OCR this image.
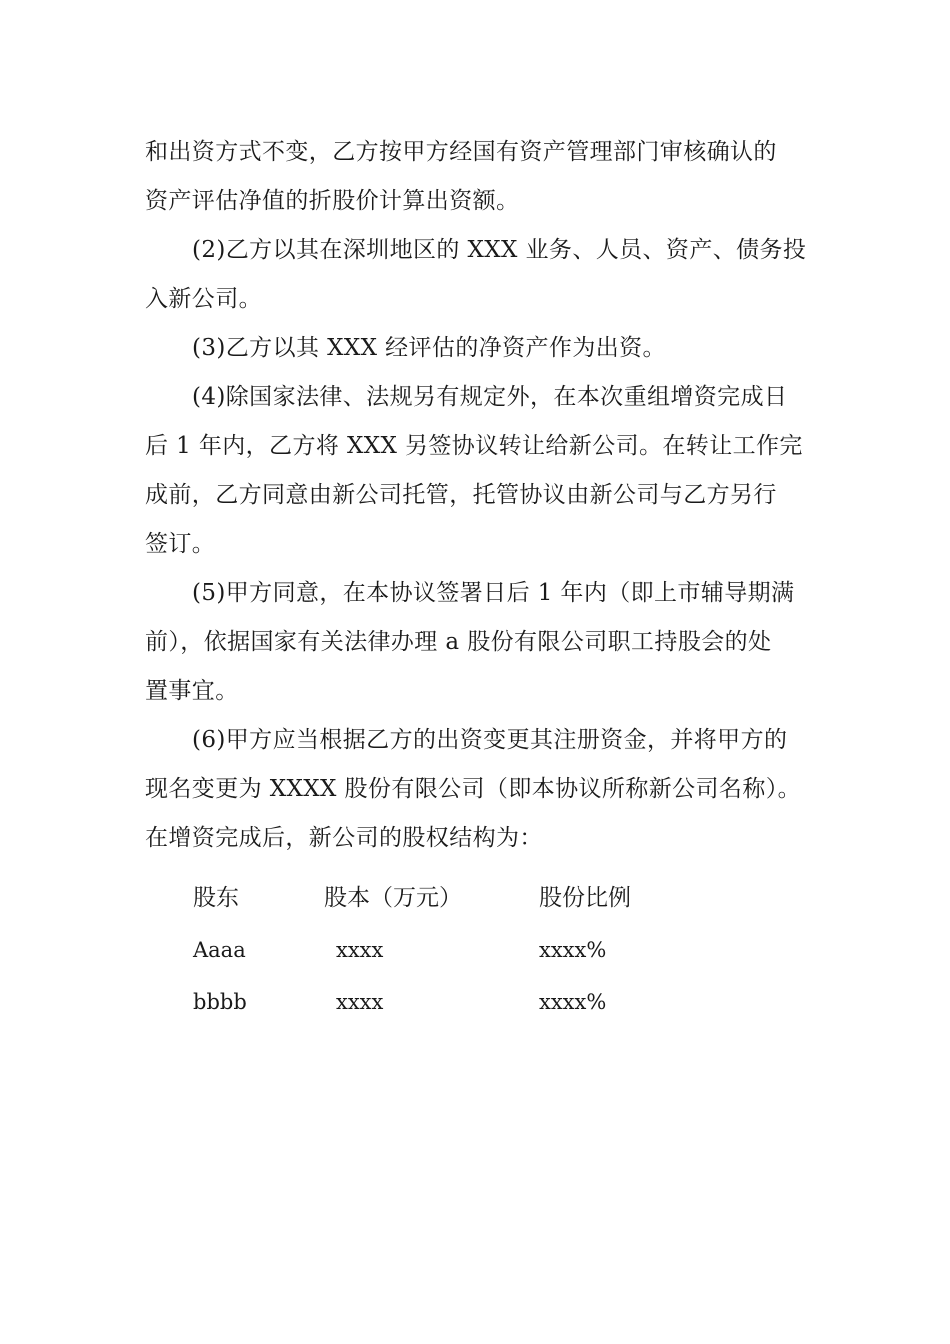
和出资方式不变，乙方按甲方经国有资产管理部门审核确认的
资产评估净值的折股价计算出资额。
(2)乙方以其在深圳地区的 XXX 业务、人员、资产、债务投
入新公司。
(3)乙方以其 XXX 经评估的净资产作为出资。
(4)除国家法律、法规另有规定外，在本次重组增资完成日
后 1 年内，乙方将 XXX 另签协议转让给新公司。在转让工作完
成前，乙方同意由新公司托管，托管协议由新公司与乙方另行
签订。
(5)甲方同意，在本协议签署日后 1 年内（即上市辅导期满
前），依据国家有关法律办理 a 股份有限公司职工持股会的处
置事宜。
(6)甲方应当根据乙方的出资变更其注册资金，并将甲方的
现名变更为 XXXX 股份有限公司（即本协议所称新公司名称）。
在增资完成后，新公司的股权结构为：
股东	股本（万元）	股份比例
Aaaa	xxxx	xxxx%
bbbb	xxxx	xxxx%
